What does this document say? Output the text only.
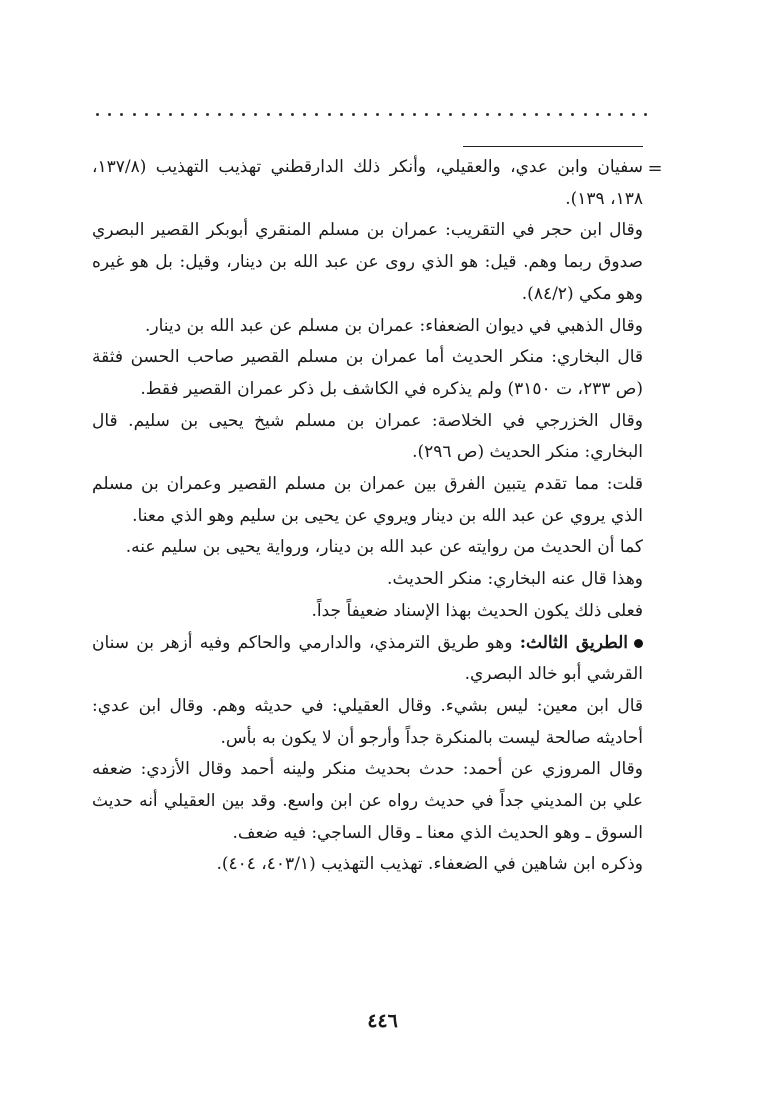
=

سفيان وابن عدي، والعقيلي، وأنكر ذلك الدارقطني تهذيب التهذيب (١٣٧/٨، ١٣٨، ١٣٩).

وقال ابن حجر في التقريب: عمران بن مسلم المنقري أبوبكر القصير البصري صدوق ربما وهم. قيل: هو الذي روى عن عبد الله بن دينار، وقيل: بل هو غيره وهو مكي (٨٤/٢).

وقال الذهبي في ديوان الضعفاء: عمران بن مسلم عن عبد الله بن دينار.

قال البخاري: منكر الحديث أما عمران بن مسلم القصير صاحب الحسن فثقة (ص ٢٣٣، ت ٣١٥٠) ولم يذكره في الكاشف بل ذكر عمران القصير فقط.

وقال الخزرجي في الخلاصة: عمران بن مسلم شيخ يحيى بن سليم. قال البخاري: منكر الحديث (ص ٢٩٦).

قلت: مما تقدم يتبين الفرق بين عمران بن مسلم القصير وعمران بن مسلم الذي يروي عن عبد الله بن دينار ويروي عن يحيى بن سليم وهو الذي معنا.

كما أن الحديث من روايته عن عبد الله بن دينار، ورواية يحيى بن سليم عنه.

وهذا قال عنه البخاري: منكر الحديث.

فعلى ذلك يكون الحديث بهذا الإسناد ضعيفاً جداً.

الطريق الثالث: وهو طريق الترمذي، والدارمي والحاكم وفيه أزهر بن سنان القرشي أبو خالد البصري.

قال ابن معين: ليس بشيء. وقال العقيلي: في حديثه وهم. وقال ابن عدي: أحاديثه صالحة ليست بالمنكرة جداً وأرجو أن لا يكون به بأس.

وقال المروزي عن أحمد: حدث بحديث منكر ولينه أحمد وقال الأزدي: ضعفه علي بن المديني جداً في حديث رواه عن ابن واسع. وقد بين العقيلي أنه حديث السوق ـ وهو الحديث الذي معنا ـ وقال الساجي: فيه ضعف.

وذكره ابن شاهين في الضعفاء. تهذيب التهذيب (٤٠٣/١، ٤٠٤).

٤٤٦
